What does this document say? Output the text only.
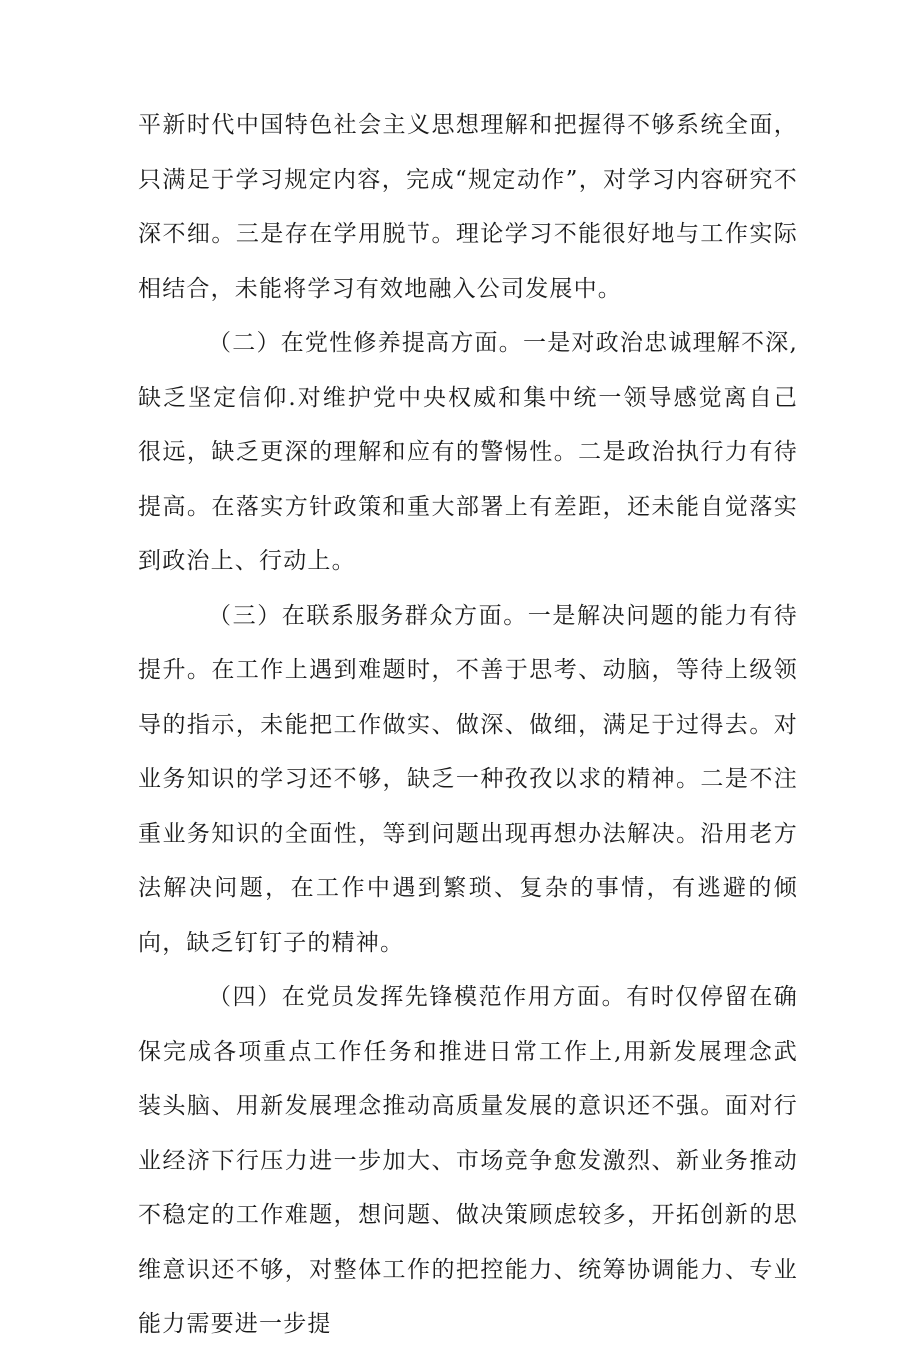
平新时代中国特色社会主义思想理解和把握得不够系统全面，只满足于学习规定内容，完成“规定动作”，对学习内容研究不深不细。三是存在学用脱节。理论学习不能很好地与工作实际相结合，未能将学习有效地融入公司发展中。

（二）在党性修养提高方面。一是对政治忠诚理解不深,缺乏坚定信仰.对维护党中央权威和集中统一领导感觉离自己很远，缺乏更深的理解和应有的警惕性。二是政治执行力有待提高。在落实方针政策和重大部署上有差距，还未能自觉落实到政治上、行动上。

（三）在联系服务群众方面。一是解决问题的能力有待提升。在工作上遇到难题时，不善于思考、动脑，等待上级领导的指示，未能把工作做实、做深、做细，满足于过得去。对业务知识的学习还不够，缺乏一种孜孜以求的精神。二是不注重业务知识的全面性，等到问题出现再想办法解决。沿用老方法解决问题，在工作中遇到繁琐、复杂的事情，有逃避的倾向，缺乏钉钉子的精神。

（四）在党员发挥先锋模范作用方面。有时仅停留在确保完成各项重点工作任务和推进日常工作上,用新发展理念武装头脑、用新发展理念推动高质量发展的意识还不强。面对行业经济下行压力进一步加大、市场竞争愈发激烈、新业务推动不稳定的工作难题，想问题、做决策顾虑较多，开拓创新的思维意识还不够，对整体工作的把控能力、统筹协调能力、专业能力需要进一步提
